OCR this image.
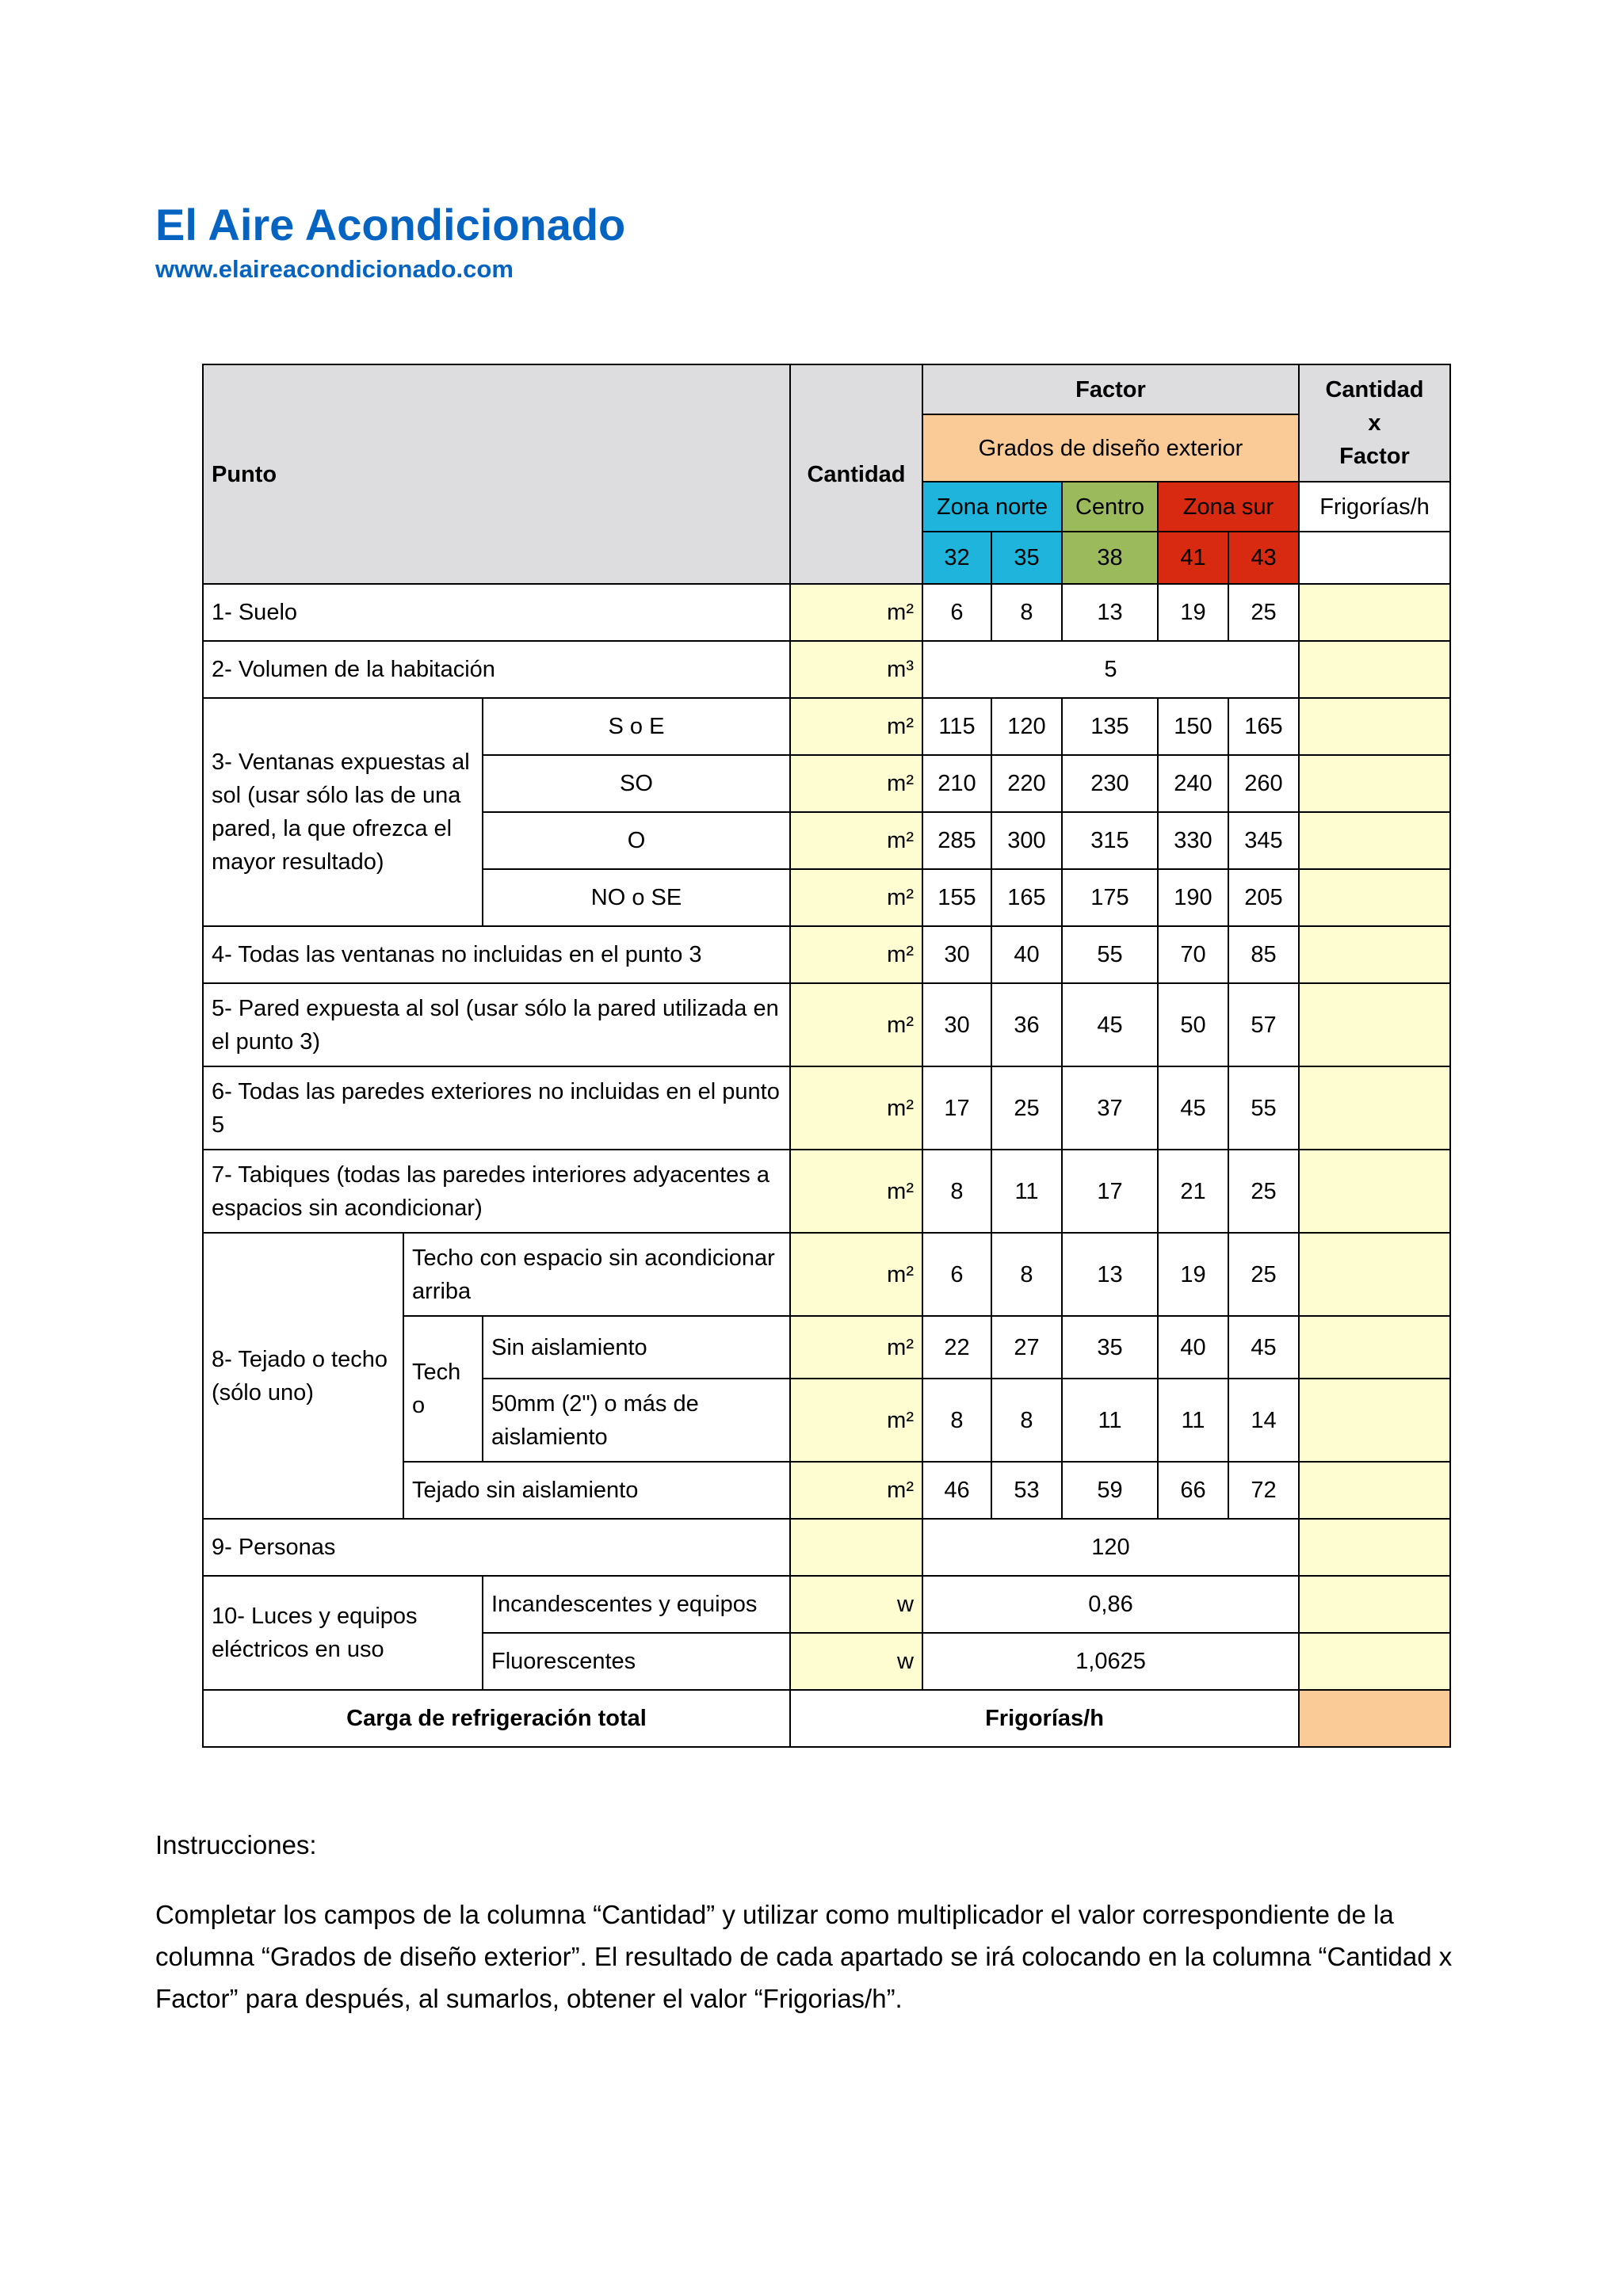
El Aire Acondicionado
www.elaireacondicionado.com
Punto			Cantidad	Factor					Cantidad
x
Factor
				Grados de diseño exterior					
				Zona norte		Centro	Zona sur		Frigorías/h
				32	35	38	41	43	
1- Suelo			m²	6	8	13	19	25	
2- Volumen de la habitación			m³	5					
3- Ventanas expuestas al sol (usar sólo las de una pared, la que ofrezca el mayor resultado)		S o E	m²	115	120	135	150	165	
		SO	m²	210	220	230	240	260	
		O	m²	285	300	315	330	345	
		NO o SE	m²	155	165	175	190	205	
4- Todas las ventanas no incluidas en el punto 3			m²	30	40	55	70	85	
5- Pared expuesta al sol (usar sólo la pared utilizada en el punto 3)			m²	30	36	45	50	57	
6- Todas las paredes exteriores no incluidas en el punto 5			m²	17	25	37	45	55	
7- Tabiques (todas las paredes interiores adyacentes a espacios sin acondicionar)			m²	8	11	17	21	25	
8- Tejado o techo (sólo uno)	Techo con espacio sin acondicionar arriba		m²	6	8	13	19	25	
	Tech o	Sin aislamiento	m²	22	27	35	40	45	
		50mm (2") o más de aislamiento	m²	8	8	11	11	14	
	Tejado sin aislamiento		m²	46	53	59	66	72	
9- Personas				120					
10- Luces y equipos eléctricos en uso		Incandescentes y equipos	w	0,86					
		Fluorescentes	w	1,0625					
Carga de refrigeración total			Frigorías/h						
Instrucciones:
Completar los campos de la columna “Cantidad” y utilizar como multiplicador el valor correspondiente de la columna “Grados de diseño exterior”. El resultado de cada apartado se irá colocando en la columna “Cantidad x Factor” para después, al sumarlos, obtener el valor “Frigorias/h”.
